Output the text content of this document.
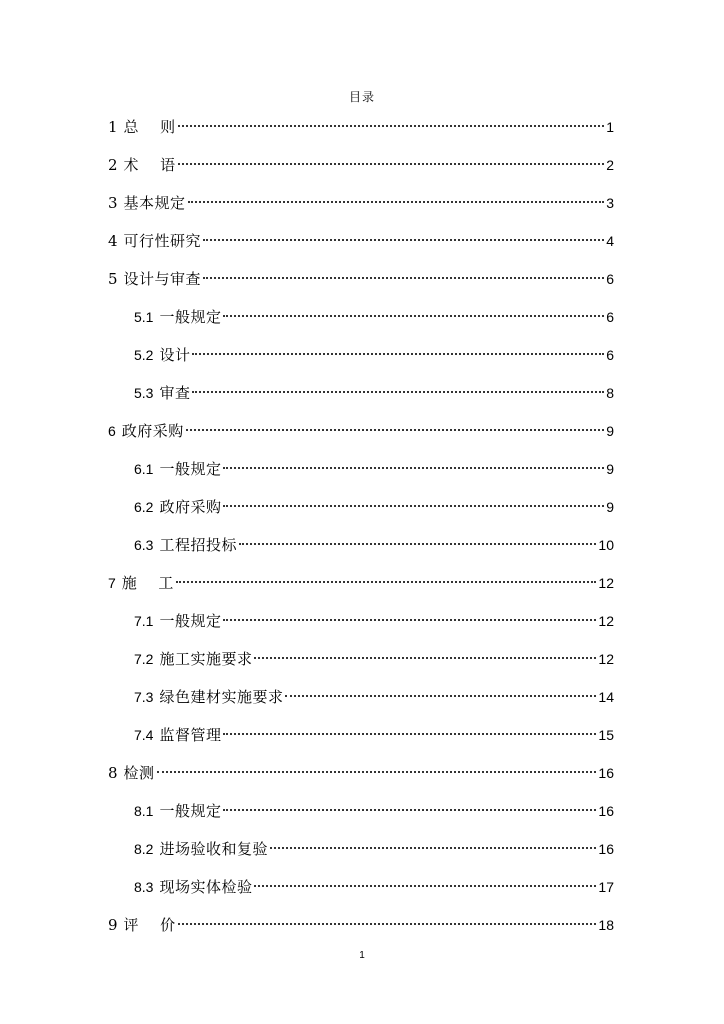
目录
1 总    则	1
2 术    语	2
3 基本规定	3
4 可行性研究	4
5 设计与审查	6
5.1 一般规定	6
5.2 设计	6
5.3 审查	8
6 政府采购	9
6.1 一般规定	9
6.2 政府采购	9
6.3 工程招投标	10
7 施    工	12
7.1 一般规定	12
7.2 施工实施要求	12
7.3 绿色建材实施要求	14
7.4 监督管理	15
8 检测	16
8.1 一般规定	16
8.2 进场验收和复验	16
8.3 现场实体检验	17
9 评    价	18
1
